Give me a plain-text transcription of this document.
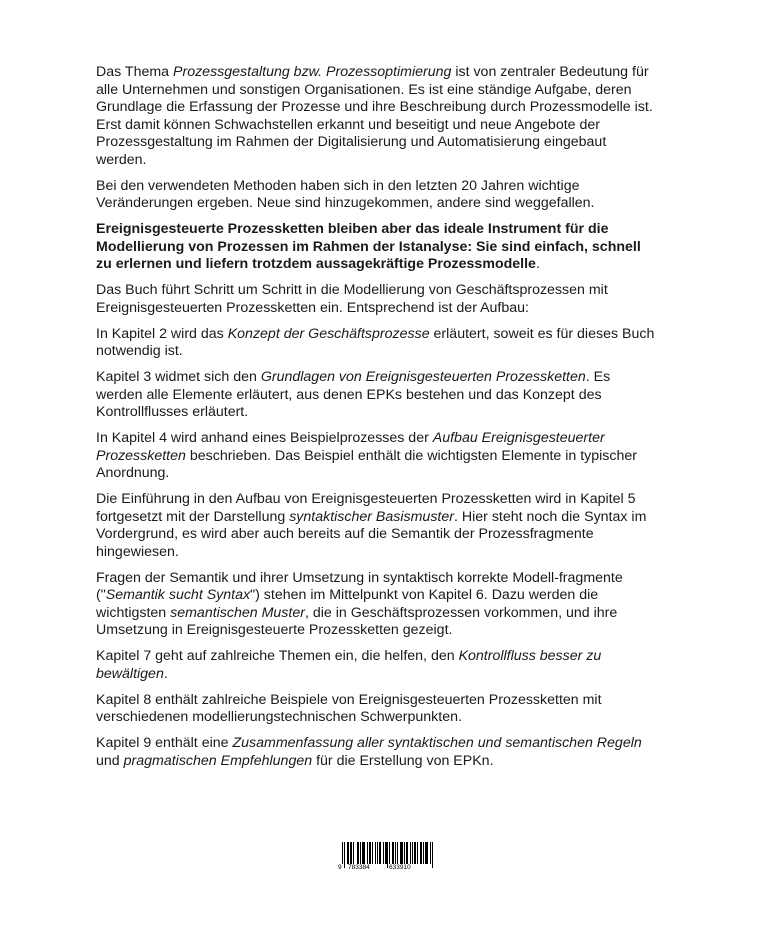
Das Thema Prozessgestaltung bzw. Prozessoptimierung ist von zentraler Bedeutung für alle Unternehmen und sonstigen Organisationen. Es ist eine ständige Aufgabe, deren Grundlage die Erfassung der Prozesse und ihre Beschreibung durch Prozessmodelle ist. Erst damit können Schwachstellen erkannt und beseitigt und neue Angebote der Prozessgestaltung im Rahmen der Digitalisierung und Automatisierung eingebaut werden.

Bei den verwendeten Methoden haben sich in den letzten 20 Jahren wichtige Veränderungen ergeben. Neue sind hinzugekommen, andere sind weggefallen.

Ereignisgesteuerte Prozessketten bleiben aber das ideale Instrument für die Modellierung von Prozessen im Rahmen der Istanalyse: Sie sind einfach, schnell zu erlernen und liefern trotzdem aussagekräftige Prozessmodelle.

Das Buch führt Schritt um Schritt in die Modellierung von Geschäftsprozessen mit Ereignisgesteuerten Prozessketten ein. Entsprechend ist der Aufbau:

In Kapitel 2 wird das Konzept der Geschäftsprozesse erläutert, soweit es für dieses Buch notwendig ist.

Kapitel 3 widmet sich den Grundlagen von Ereignisgesteuerten Prozessketten. Es werden alle Elemente erläutert, aus denen EPKs bestehen und das Konzept des Kontrollflusses erläutert.

In Kapitel 4 wird anhand eines Beispielprozesses der Aufbau Ereignisgesteuerter Prozessketten beschrieben. Das Beispiel enthält die wichtigsten Elemente in typischer Anordnung.

Die Einführung in den Aufbau von Ereignisgesteuerten Prozessketten wird in Kapitel 5 fortgesetzt mit der Darstellung syntaktischer Basismuster. Hier steht noch die Syntax im Vordergrund, es wird aber auch bereits auf die Semantik der Prozessfragmente hingewiesen.

Fragen der Semantik und ihrer Umsetzung in syntaktisch korrekte Modell-fragmente ("Semantik sucht Syntax") stehen im Mittelpunkt von Kapitel 6. Dazu werden die wichtigsten semantischen Muster, die in Geschäftsprozessen vorkommen, und ihre Umsetzung in Ereignisgesteuerte Prozessketten gezeigt.

Kapitel 7 geht auf zahlreiche Themen ein, die helfen, den Kontrollfluss besser zu bewältigen.

Kapitel 8 enthält zahlreiche Beispiele von Ereignisgesteuerten Prozessketten mit verschiedenen modellierungstechnischen Schwerpunkten.

Kapitel 9 enthält eine Zusammenfassung aller syntaktischen und semantischen Regeln und pragmatischen Empfehlungen für die Erstellung von EPKn.

9 783384	633910
